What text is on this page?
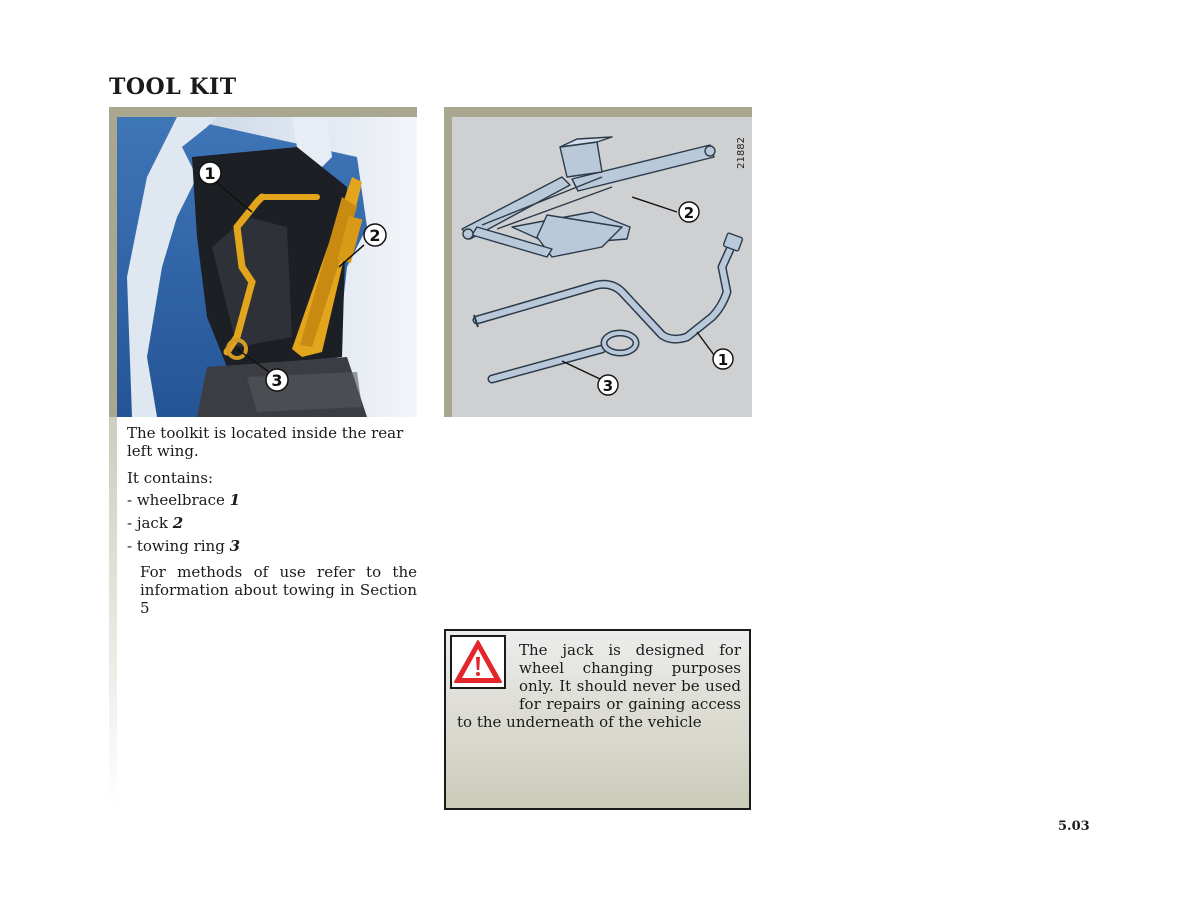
TOOL KIT
1
2
3
21882
2
1
3

The toolkit is located inside the rear left wing.

It contains:

- wheelbrace 1
- jack 2
- towing ring 3

For methods of use refer to the information about towing in Section 5

The jack is designed for wheel changing purposes only. It should never be used for repairs or gaining access to the underneath of the vehicle
5.03
